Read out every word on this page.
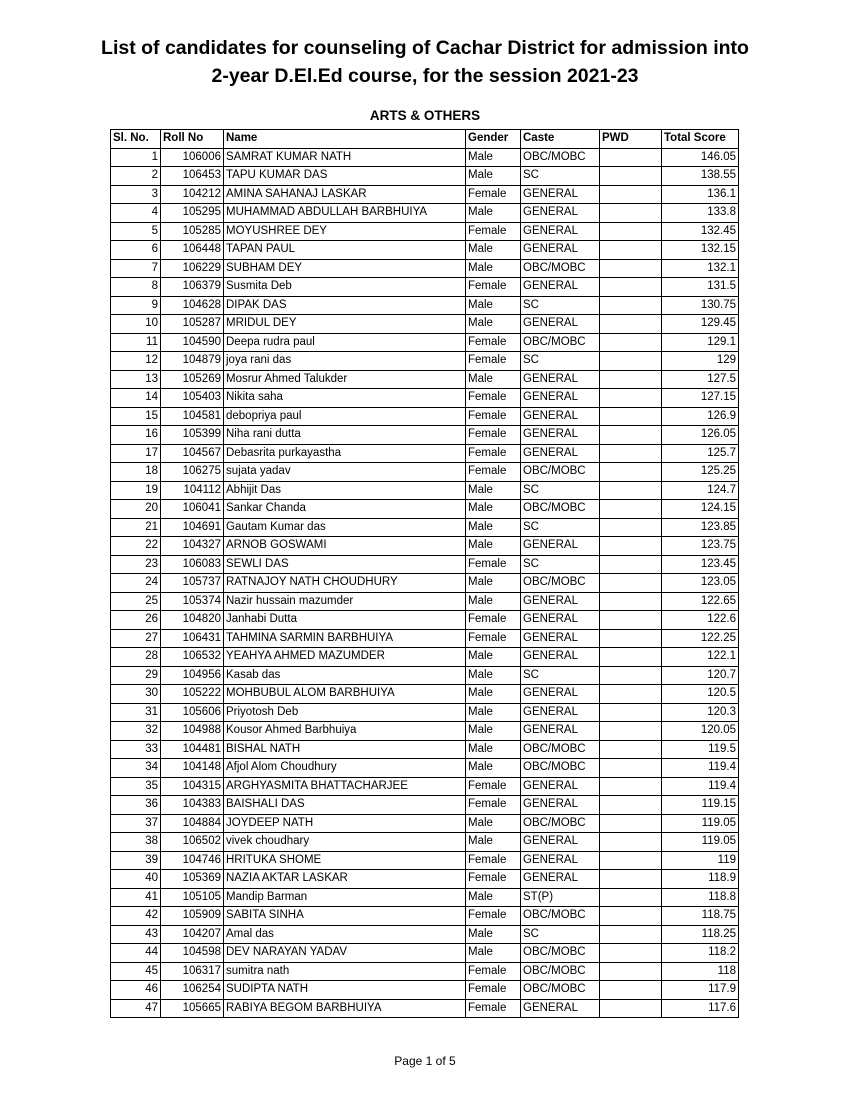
List of candidates for counseling of Cachar District for admission into
2-year D.El.Ed course, for the session 2021-23
ARTS & OTHERS
Sl. No.	Roll No	Name	Gender	Caste	PWD	Total Score
1	106006	SAMRAT KUMAR NATH	Male	OBC/MOBC		146.05
2	106453	TAPU KUMAR DAS	Male	SC		138.55
3	104212	AMINA SAHANAJ LASKAR	Female	GENERAL		136.1
4	105295	MUHAMMAD ABDULLAH BARBHUIYA	Male	GENERAL		133.8
5	105285	MOYUSHREE DEY	Female	GENERAL		132.45
6	106448	TAPAN PAUL	Male	GENERAL		132.15
7	106229	SUBHAM DEY	Male	OBC/MOBC		132.1
8	106379	Susmita Deb	Female	GENERAL		131.5
9	104628	DIPAK DAS	Male	SC		130.75
10	105287	MRIDUL DEY	Male	GENERAL		129.45
11	104590	Deepa rudra paul	Female	OBC/MOBC		129.1
12	104879	joya rani das	Female	SC		129
13	105269	Mosrur Ahmed Talukder	Male	GENERAL		127.5
14	105403	Nikita saha	Female	GENERAL		127.15
15	104581	debopriya paul	Female	GENERAL		126.9
16	105399	Niha rani dutta	Female	GENERAL		126.05
17	104567	Debasrita purkayastha	Female	GENERAL		125.7
18	106275	sujata yadav	Female	OBC/MOBC		125.25
19	104112	Abhijit Das	Male	SC		124.7
20	106041	Sankar Chanda	Male	OBC/MOBC		124.15
21	104691	Gautam Kumar das	Male	SC		123.85
22	104327	ARNOB GOSWAMI	Male	GENERAL		123.75
23	106083	SEWLI DAS	Female	SC		123.45
24	105737	RATNAJOY NATH CHOUDHURY	Male	OBC/MOBC		123.05
25	105374	Nazir hussain mazumder	Male	GENERAL		122.65
26	104820	Janhabi Dutta	Female	GENERAL		122.6
27	106431	TAHMINA SARMIN BARBHUIYA	Female	GENERAL		122.25
28	106532	YEAHYA AHMED MAZUMDER	Male	GENERAL		122.1
29	104956	Kasab das	Male	SC		120.7
30	105222	MOHBUBUL ALOM BARBHUIYA	Male	GENERAL		120.5
31	105606	Priyotosh Deb	Male	GENERAL		120.3
32	104988	Kousor Ahmed Barbhuiya	Male	GENERAL		120.05
33	104481	BISHAL NATH	Male	OBC/MOBC		119.5
34	104148	Afjol Alom Choudhury	Male	OBC/MOBC		119.4
35	104315	ARGHYASMITA BHATTACHARJEE	Female	GENERAL		119.4
36	104383	BAISHALI DAS	Female	GENERAL		119.15
37	104884	JOYDEEP NATH	Male	OBC/MOBC		119.05
38	106502	vivek choudhary	Male	GENERAL		119.05
39	104746	HRITUKA SHOME	Female	GENERAL		119
40	105369	NAZIA AKTAR LASKAR	Female	GENERAL		118.9
41	105105	Mandip Barman	Male	ST(P)		118.8
42	105909	SABITA SINHA	Female	OBC/MOBC		118.75
43	104207	Amal das	Male	SC		118.25
44	104598	DEV NARAYAN YADAV	Male	OBC/MOBC		118.2
45	106317	sumitra nath	Female	OBC/MOBC		118
46	106254	SUDIPTA NATH	Female	OBC/MOBC		117.9
47	105665	RABIYA BEGOM BARBHUIYA	Female	GENERAL		117.6
Page 1 of 5
